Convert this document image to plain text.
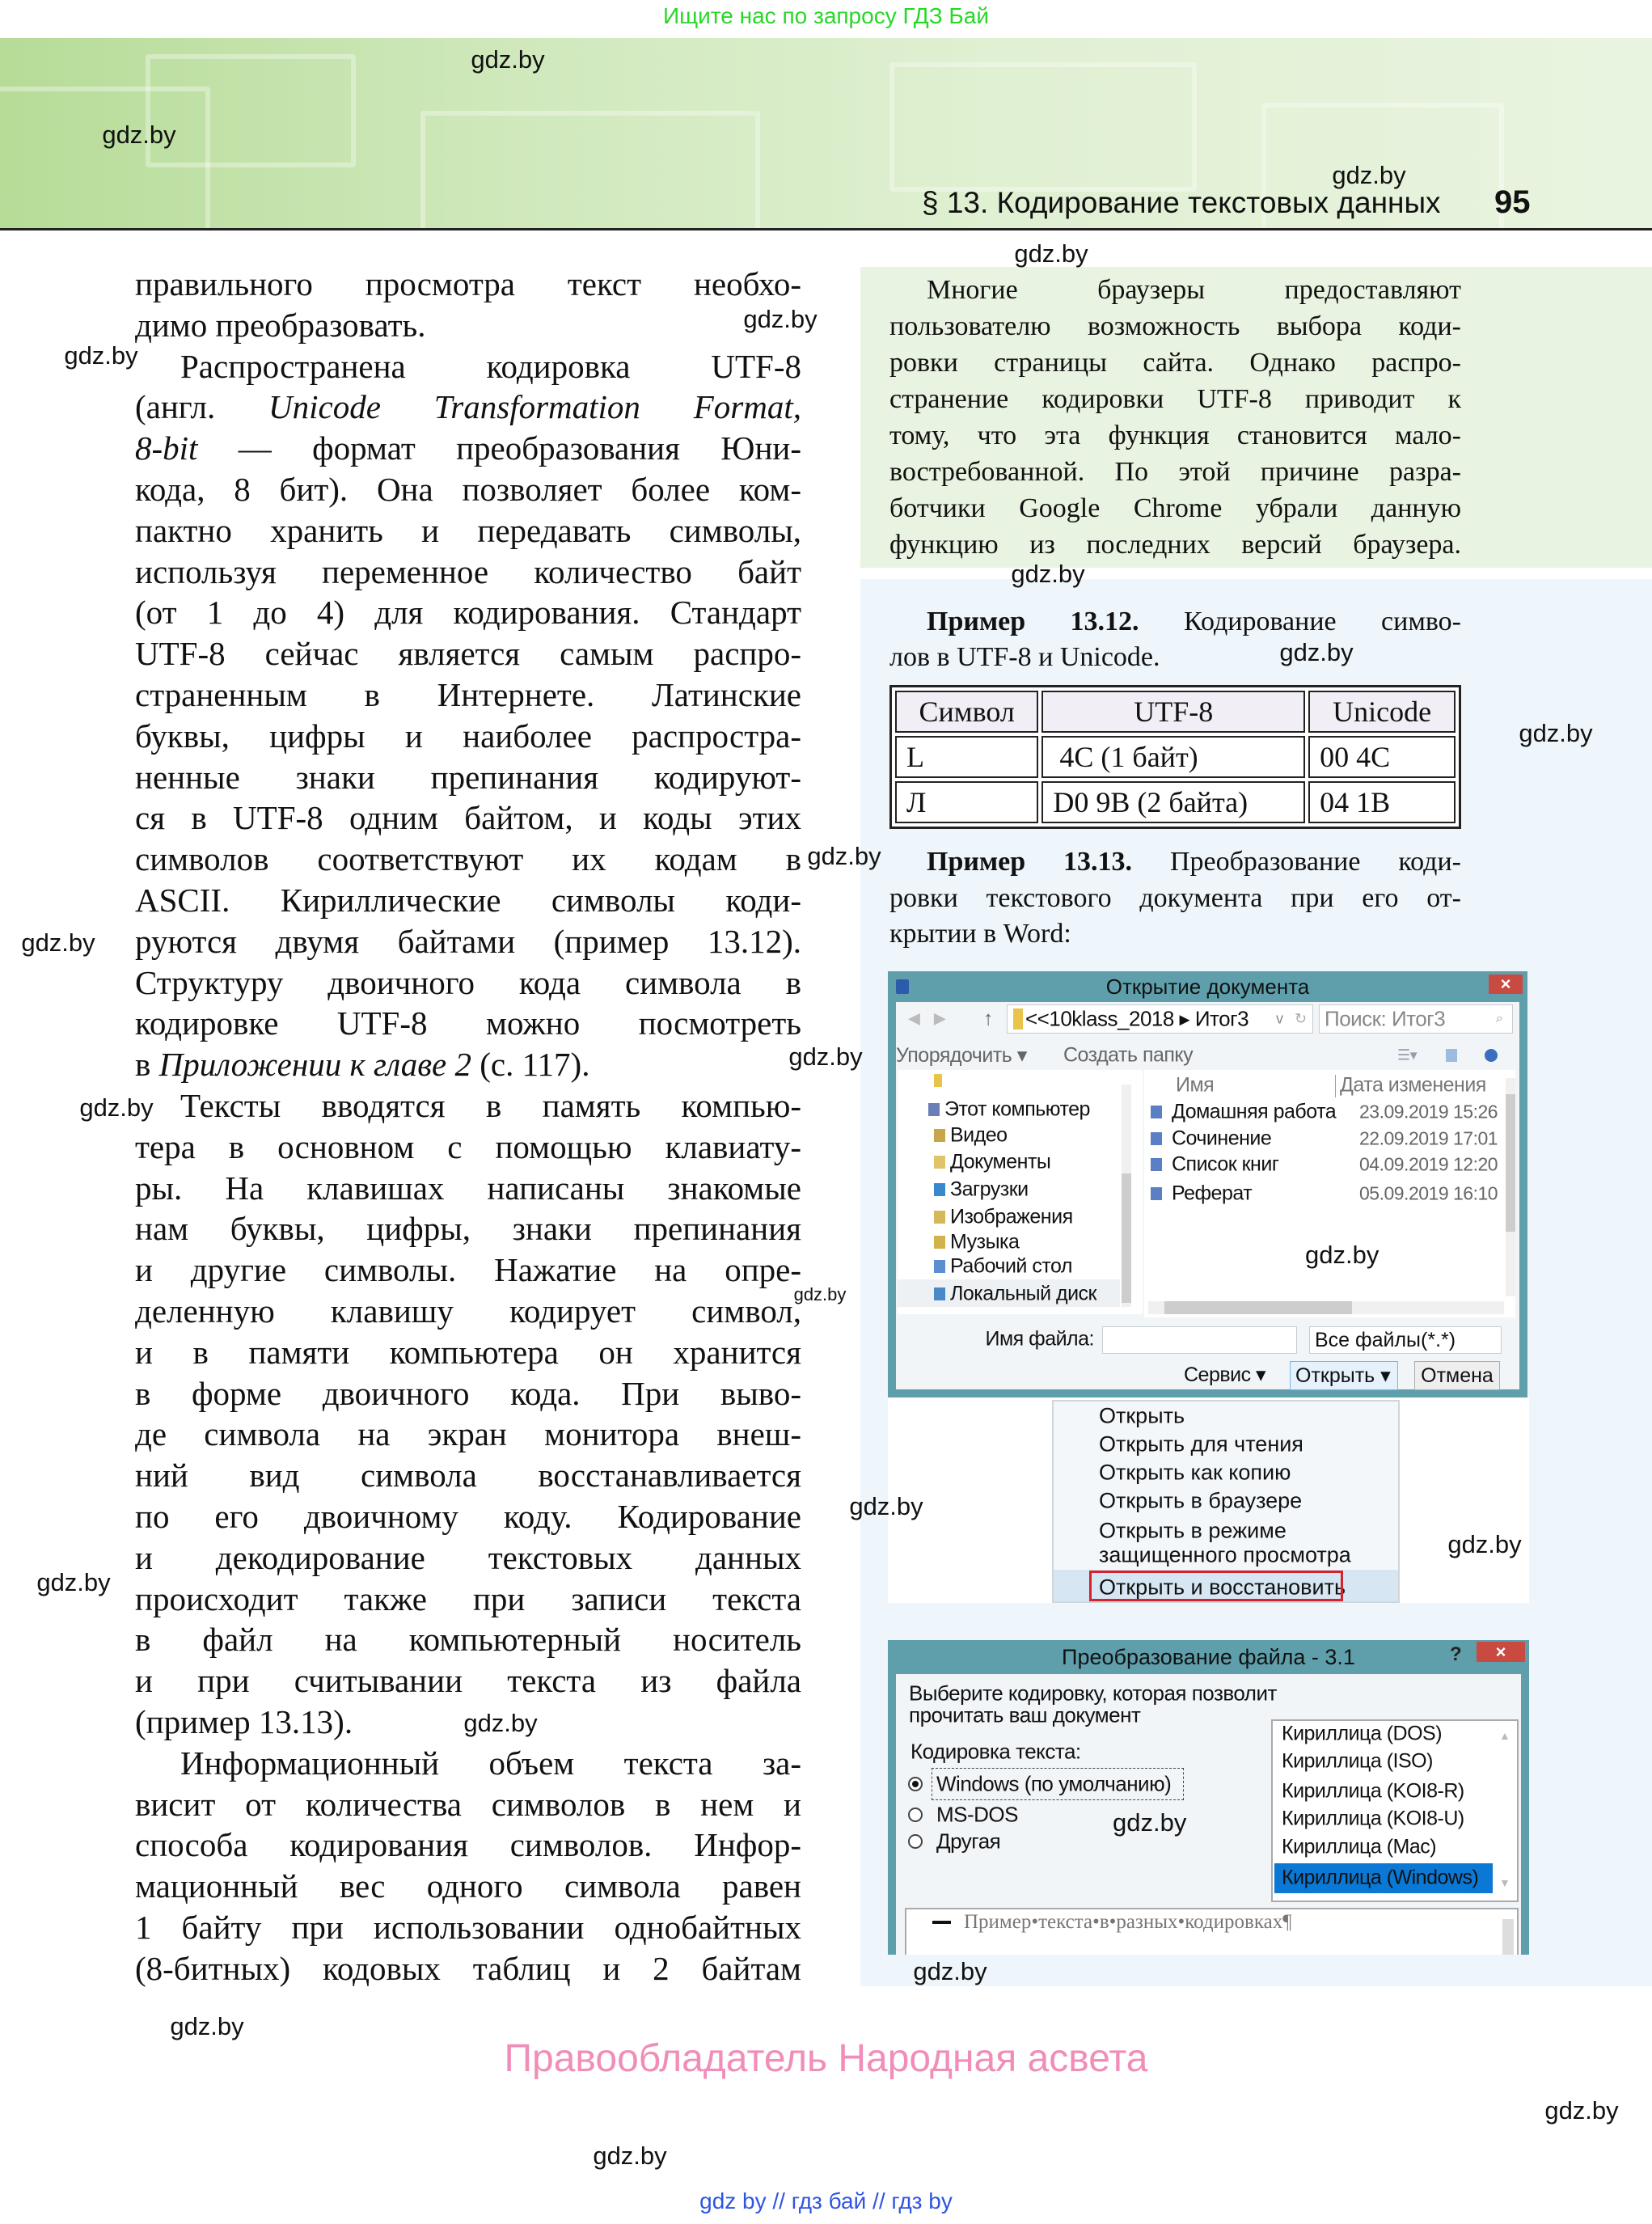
Ищите нас по запросу ГДЗ Бай
§ 13. Кодирование текстовых данных 95
правильного просмотра текст необхо-
димо преобразовать.
Распространена кодировка UTF-8
(англ. Unicode Transformation Format,
8-bit — формат преобразования Юни-
кода, 8 бит). Она позволяет более ком-
пактно хранить и передавать символы,
используя переменное количество байт
(от 1 до 4) для кодирования. Стандарт
UTF-8 сейчас является самым распро-
страненным в Интернете. Латинские
буквы, цифры и наиболее распростра-
ненные знаки препинания кодируют-
ся в UTF-8 одним байтом, и коды этих
символов соответствуют их кодам в
ASCII. Кириллические символы коди-
руются двумя байтами (пример 13.12).
Структуру двоичного кода символа в
кодировке UTF-8 можно посмотреть
в Приложении к главе 2 (с. 117).
Тексты вводятся в память компью-
тера в основном с помощью клавиату-
ры. На клавишах написаны знакомые
нам буквы, цифры, знаки препинания
и другие символы. Нажатие на опре-
деленную клавишу кодирует символ,
и в памяти компьютера он хранится
в форме двоичного кода. При выво-
де символа на экран монитора внеш-
ний вид символа восстанавливается
по его двоичному коду. Кодирование
и декодирование текстовых данных
происходит также при записи текста
в файл на компьютерный носитель
и при считывании текста из файла
(пример 13.13).
Информационный объем текста за-
висит от количества символов в нем и
способа кодирования символов. Инфор-
мационный вес одного символа равен
1 байту при использовании однобайтных
(8-битных) кодовых таблиц и 2 байтам
Многие браузеры предоставляют
пользователю возможность выбора коди-
ровки страницы сайта. Однако распро-
странение кодировки UTF-8 приводит к
тому, что эта функция становится мало-
востребованной. По этой причине разра-
ботчики Google Chrome убрали данную
функцию из последних версий браузера.
Пример 13.12. Кодирование симво-
лов в UTF-8 и Unicode.
Пример 13.13. Преобразование коди-
ровки текстового документа при его от-
крытии в Word:
Символ	UTF-8	Unicode
L	4C (1 байт)	00 4C
Л	D0 9B (2 байта)	04 1B
Открытие документа	×
◄ ► ↑ <<10klass_2018 ▸ Итог3 v ↻ Поиск: Итог3	⌕
Упорядочить ▾ Создать папку	☰▾
Этот компьютер
Видео
Документы
Загрузки
Изображения
Музыка
Рабочий стол
Локальный диск
Имя	Дата изменения
Домашняя работа 23.09.2019 15:26
Сочинение	22.09.2019 17:01
Список книг	04.09.2019 12:20
Реферат	05.09.2019 16:10
gdz.by
Имя файла:	Все файлы(*.*)
Сервис ▾ Открыть ▾	Отмена
Открыть
Открыть для чтения
Открыть как копию
Открыть в браузере
Открыть в режиме
защищенного просмотра
Открыть и восстановить
Преобразование файла - 3.1	?	×
Выберите кодировку, которая позволит
прочитать ваш документ
Кодировка текста:
Windows (по умолчанию)
MS-DOS
Другая
Кириллица (DOS)
Кириллица (ISO)
Кириллица (KOI8-R)
Кириллица (KOI8-U)
Кириллица (Mac)
Кириллица (Windows)
▲
▼
Пример•текста•в•разных•кодировках¶
gdz.by
gdz.by
gdz.by
gdz.by
gdz.by
gdz.by
gdz.by
gdz.by
gdz.by
gdz.by
gdz.by
gdz.by
gdz.by
gdz.by
gdz.by
gdz.by
gdz.by
gdz.by
gdz.by
gdz.by
gdz.by
gdz.by
gdz.by
Правообладатель Народная асвета
gdz by // гдз бай // гдз by
